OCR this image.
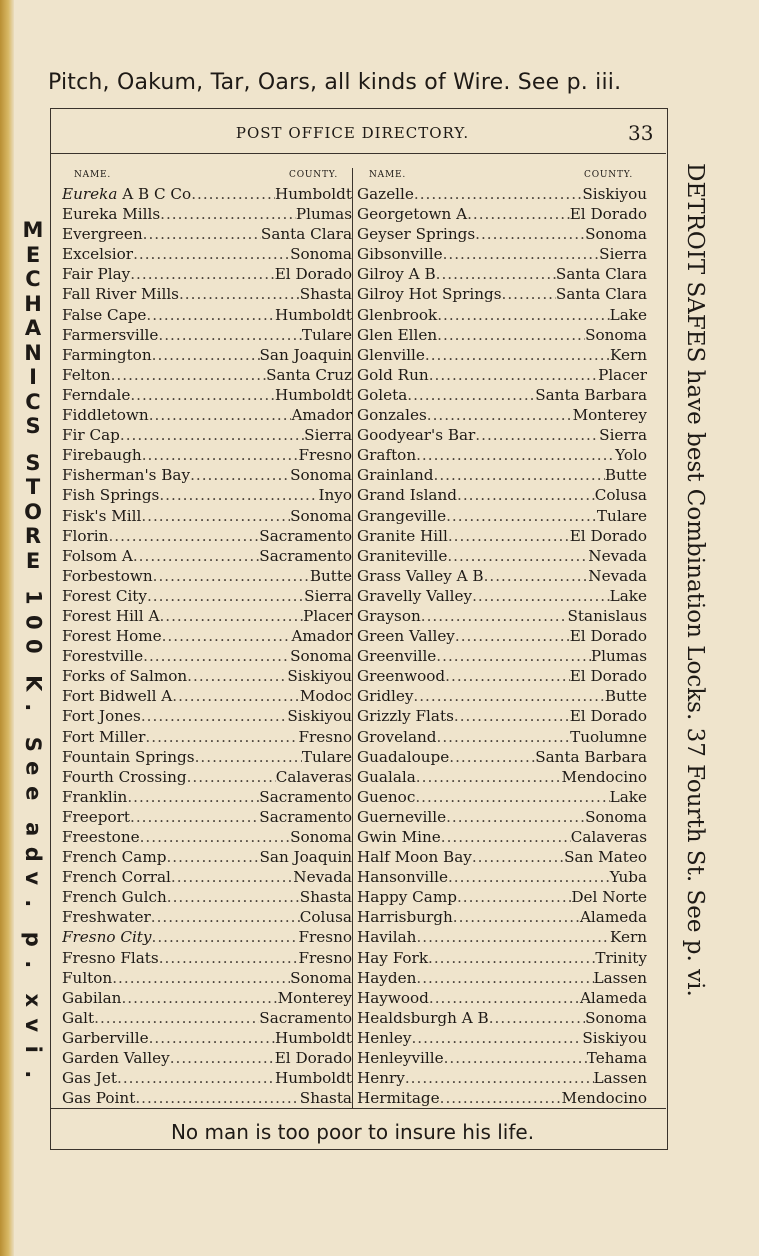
Pitch, Oakum, Tar, Oars, all kinds of Wire. See p. iii.
POST OFFICE DIRECTORY.	33
NAME.	COUNTY.
Eureka A B C Co .....	Humboldt
Eureka Mills .....	Plumas
Evergreen .....	Santa Clara
Excelsior .....	Sonoma
Fair Play .....	El Dorado
Fall River Mills .....	Shasta
False Cape .....	Humboldt
Farmersville .....	Tulare
Farmington .....	San Joaquin
Felton .....	Santa Cruz
Ferndale .....	Humboldt
Fiddletown .....	Amador
Fir Cap .....	Sierra
Firebaugh .....	Fresno
Fisherman's Bay .....	Sonoma
Fish Springs .....	Inyo
Fisk's Mill .....	Sonoma
Florin .....	Sacramento
Folsom A .....	Sacramento
Forbestown .....	Butte
Forest City .....	Sierra
Forest Hill A .....	Placer
Forest Home .....	Amador
Forestville .....	Sonoma
Forks of Salmon .....	Siskiyou
Fort Bidwell A .....	Modoc
Fort Jones .....	Siskiyou
Fort Miller .....	Fresno
Fountain Springs .....	Tulare
Fourth Crossing .....	Calaveras
Franklin .....	Sacramento
Freeport .....	Sacramento
Freestone .....	Sonoma
French Camp .....	San Joaquin
French Corral .....	Nevada
French Gulch .....	Shasta
Freshwater .....	Colusa
Fresno City .....	Fresno
Fresno Flats .....	Fresno
Fulton .....	Sonoma
Gabilan .....	Monterey
Galt .....	Sacramento
Garberville .....	Humboldt
Garden Valley .....	El Dorado
Gas Jet .....	Humboldt
Gas Point .....	Shasta
NAME.	COUNTY.
Gazelle .....	Siskiyou
Georgetown A .....	El Dorado
Geyser Springs .....	Sonoma
Gibsonville .....	Sierra
Gilroy A B .....	Santa Clara
Gilroy Hot Springs .....	Santa Clara
Glenbrook .....	Lake
Glen Ellen .....	Sonoma
Glenville .....	Kern
Gold Run .....	Placer
Goleta .....	Santa Barbara
Gonzales .....	Monterey
Goodyear's Bar .....	Sierra
Grafton .....	Yolo
Grainland .....	Butte
Grand Island .....	Colusa
Grangeville .....	Tulare
Granite Hill .....	El Dorado
Graniteville .....	Nevada
Grass Valley A B .....	Nevada
Gravelly Valley .....	Lake
Grayson .....	Stanislaus
Green Valley .....	El Dorado
Greenville .....	Plumas
Greenwood .....	El Dorado
Gridley .....	Butte
Grizzly Flats .....	El Dorado
Groveland .....	Tuolumne
Guadaloupe .....	Santa Barbara
Gualala .....	Mendocino
Guenoc .....	Lake
Guerneville .....	Sonoma
Gwin Mine .....	Calaveras
Half Moon Bay .....	San Mateo
Hansonville .....	Yuba
Happy Camp .....	Del Norte
Harrisburgh .....	Alameda
Havilah .....	Kern
Hay Fork .....	Trinity
Hayden .....	Lassen
Haywood .....	Alameda
Healdsburgh A B .....	Sonoma
Henley .....	Siskiyou
Henleyville .....	Tehama
Henry .....	Lassen
Hermitage .....	Mendocino
No man is too poor to insure his life.
M
E
C
H
A
N
I
C
S
S
T
O
R
E
1
0
0
K
.
S
e
e
a
d
v
.
p
.
x
v
i
.
DETROIT SAFES have best Combination Locks. 37 Fourth St. See p. vi.
